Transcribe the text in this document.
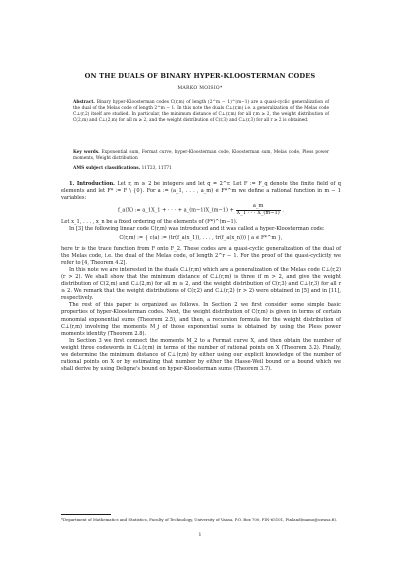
ON THE DUALS OF BINARY HYPER-KLOOSTERMAN CODES
MARKO MOISIO*
Abstract. Binary hyper-Kloosterman codes C(r,m) of length (2^m − 1)^(m−1) are a quasi-cyclic generalization of the dual of the Melas code of length 2^m − 1. In this note the duals C⊥(r,m) i.e. a generalization of the Melas code C⊥(r,2) itself are studied. In particular, the minimum distance of C⊥(r,m) for all r,m ≥ 2, the weight distribution of C(2,m) and C⊥(2,m) for all m ≥ 2, and the weight distribution of C(r,3) and C⊥(r,3) for all r ≥ 2 is obtained.
Key words. Exponential sum, Fermat curve, hyper-Kloosterman code, Kloosterman sum, Melas code, Pless power moments, Weight distribution
AMS subject classifications. 11T23, 11T71

1. Introduction. Let r, m ≥ 2 be integers and let q = 2^r. Let F := F_q denote the finite field of q elements and let F* := F \ {0}. For a := (a_1, . . . , a_m) ∈ F*^m we define a rational function in m − 1 variables:

f_a(X) := a_1X_1 + · · · + a_(m−1)X_(m−1) + $\frac{a\_m}{X\_1 \cdot \cdot \cdot X\_(m-1)}$ .

Let x_1, . . . , x_n be a fixed ordering of the elements of (F*)^(m−1).

In [3] the following linear code C(r,m) was introduced and it was called a hyper-Kloosterman code:

C(r,m) := { c(a) := (tr(f_a(x_1)), . . . , tr(f_a(x_n))) | a ∈ F*^m },

here tr is the trace function from F onto F_2. These codes are a quasi-cyclic generalization of the dual of the Melas code, i.e. the dual of the Melas code, of length 2^r − 1. For the proof of the quasi-cyclicity we refer to [4, Theorem 4.2].

In this note we are interested in the duals C⊥(r,m) which are a generalization of the Melas code C⊥(r,2) (r > 2). We shall show that the minimum distance of C⊥(r,m) is three if m > 2, and give the weight distribution of C(2,m) and C⊥(2,m) for all m ≥ 2, and the weight distribution of C(r,3) and C⊥(r,3) for all r ≥ 2. We remark that the weight distributions of C(r,2) and C⊥(r,2) (r > 2) were obtained in [5] and in [11], respectively.

The rest of this paper is organized as follows. In Section 2 we first consider some simple basic properties of hyper-Kloosterman codes. Next, the weight distribution of C(r,m) is given in terms of certain monomial exponential sums (Theorem 2.5), and then, a recursion formula for the weight distribution of C⊥(r,m) involving the moments M_j of those exponential sums is obtained by using the Pless power moments identity (Theorem 2.8).

In Section 3 we first connect the moments M_2 to a Fermat curve X, and then obtain the number of weight three codewords in C⊥(r,m) in terms of the number of rational points on X (Theorem 3.2). Finally, we determine the minimum distance of C⊥(r,m) by either using our explicit knowledge of the number of rational points on X or by estimating that number by either the Hasse-Weil bound or a bound which we shall derive by using Deligne's bound on hyper-Kloosterman sums (Theorem 3.7).

*Department of Mathematics and Statistics, Faculty of Technology, University of Vaasa, P.O. Box 700, FIN-65101, Finland(mamo@uwasa.fi).
1
